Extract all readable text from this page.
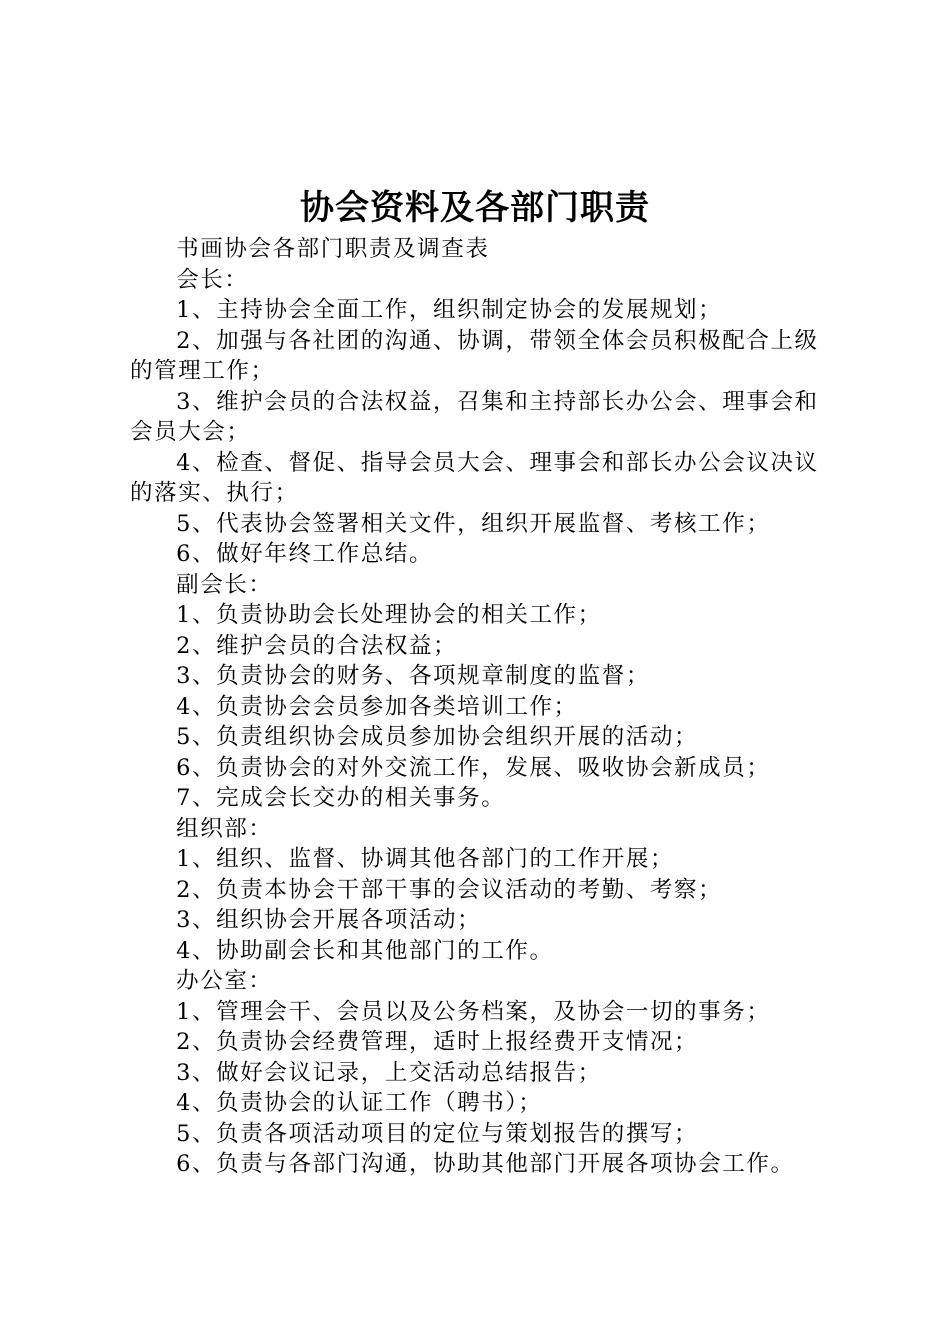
协会资料及各部门职责

书画协会各部门职责及调查表

会长：

1、主持协会全面工作，组织制定协会的发展规划；

2、加强与各社团的沟通、协调，带领全体会员积极配合上级的管理工作；

3、维护会员的合法权益，召集和主持部长办公会、理事会和会员大会；

4、检查、督促、指导会员大会、理事会和部长办公会议决议的落实、执行；

5、代表协会签署相关文件，组织开展监督、考核工作；

6、做好年终工作总结。

副会长：

1、负责协助会长处理协会的相关工作；

2、维护会员的合法权益；

3、负责协会的财务、各项规章制度的监督；

4、负责协会会员参加各类培训工作；

5、负责组织协会成员参加协会组织开展的活动；

6、负责协会的对外交流工作，发展、吸收协会新成员；

7、完成会长交办的相关事务。

组织部：

1、组织、监督、协调其他各部门的工作开展；

2、负责本协会干部干事的会议活动的考勤、考察；

3、组织协会开展各项活动；

4、协助副会长和其他部门的工作。

办公室：

1、管理会干、会员以及公务档案，及协会一切的事务；

2、负责协会经费管理，适时上报经费开支情况；

3、做好会议记录，上交活动总结报告；

4、负责协会的认证工作（聘书）；

5、负责各项活动项目的定位与策划报告的撰写；

6、负责与各部门沟通，协助其他部门开展各项协会工作。
